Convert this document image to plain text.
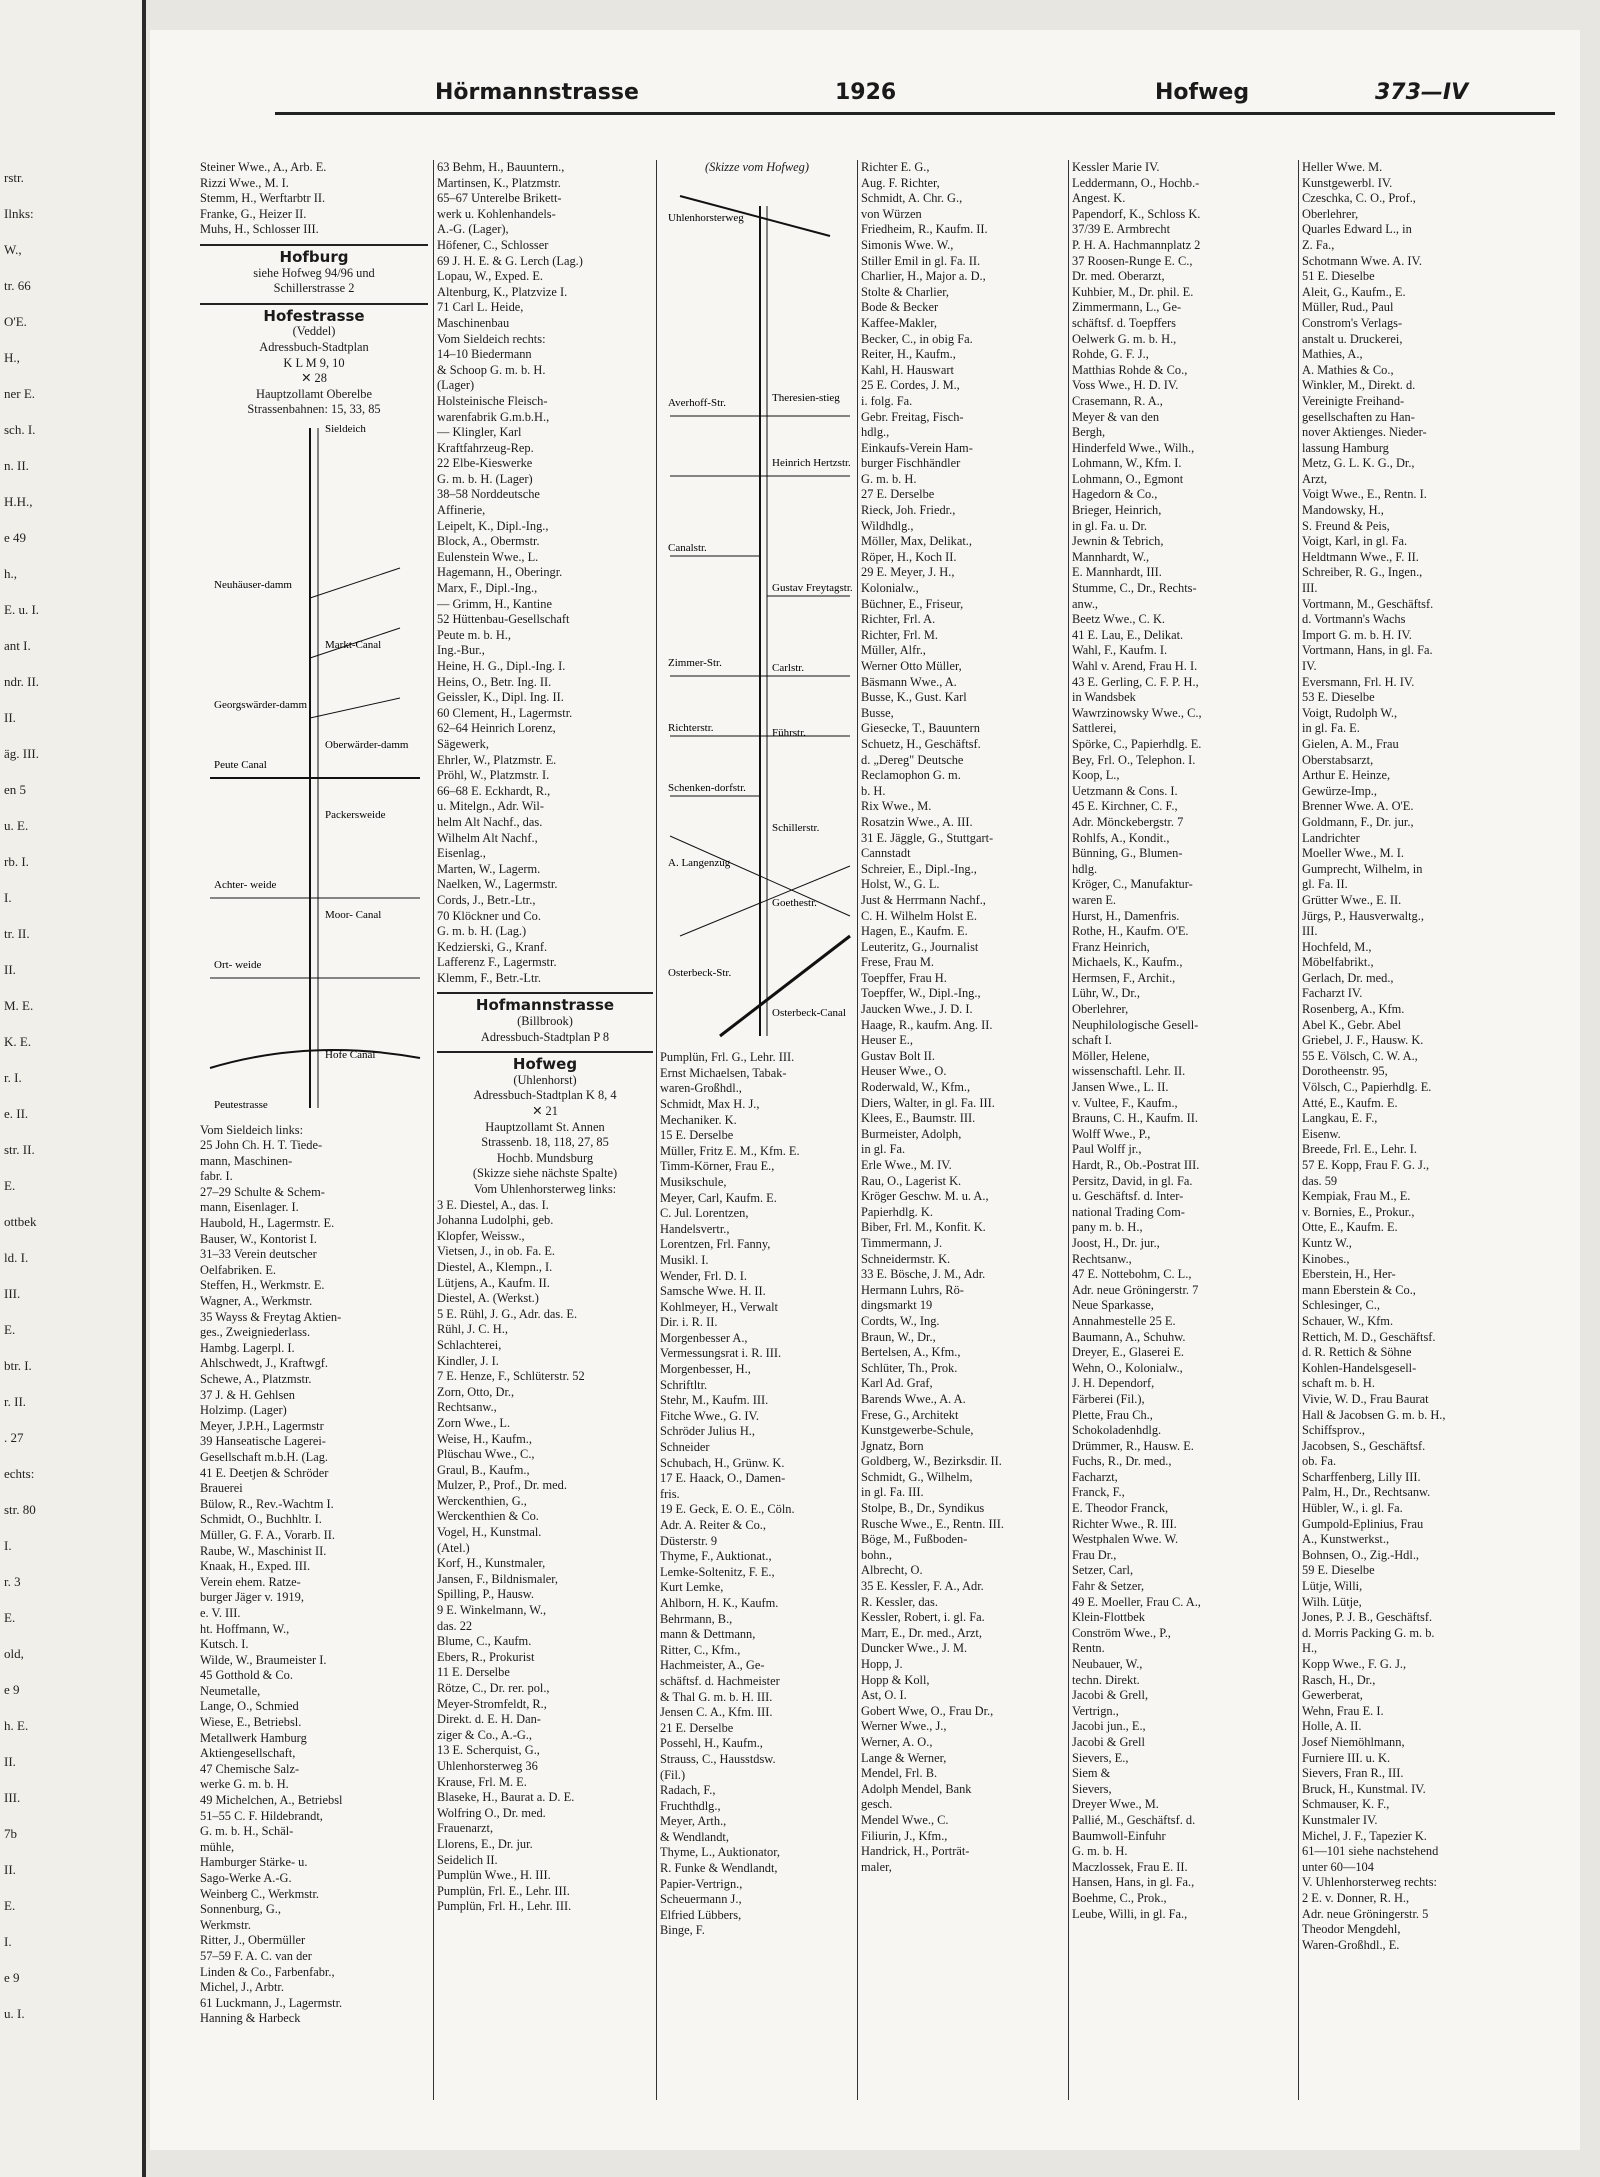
rstr.
Ilnks:
W.,
tr. 66
O'E.
H.,
ner E.
sch. I.
n. II.
H.H.,
e 49
h.,
E. u. I.
ant I.
ndr. II.
II.
äg. III.
en 5
u. E.
rb. I.
I.
tr. II.
II.
M. E.
K. E.
r. I.
e. II.
str. II.
E.
ottbek
ld. I.
III.
E.
btr. I.
r. II.
. 27
echts:
str. 80
I.
r. 3
E.
old,
e 9
h. E.
II.
III.
7b
II.
E.
I.
e 9
u. I.
Hörmannstrasse	1926	Hofweg	373—IV
Steiner Wwe., A., Arb. E.
Rizzi Wwe., M. I.
Stemm, H., Werftarbtr II.
Franke, G., Heizer II.
Muhs, H., Schlosser III.
Hofburg
siehe Hofweg 94/96 und
Schillerstrasse 2
Hofestrasse
(Veddel)
Adressbuch-Stadtplan
K L M 9, 10
✕ 28
Hauptzollamt Oberelbe
Strassenbahnen: 15, 33, 85
Neuhäuser-damm
Markt-Canal
Georgswärder-damm
Oberwärder-damm
Peute Canal
Packersweide
Achter- weide
Moor- Canal
Ort- weide
Hofe Canal
Peutestrasse
Sieldeich
Vom Sieldeich links:
25 John Ch. H. T. Tiede-
mann, Maschinen-
fabr. I.
27–29 Schulte & Schem-
mann, Eisenlager. I.
Haubold, H., Lagermstr. E.
Bauser, W., Kontorist I.
31–33 Verein deutscher
Oelfabriken. E.
Steffen, H., Werkmstr. E.
Wagner, A., Werkmstr.
35 Wayss & Freytag Aktien-
ges., Zweigniederlass.
Hambg. Lagerpl. I.
Ahlschwedt, J., Kraftwgf.
Schewe, A., Platzmstr.
37 J. & H. Gehlsen
Holzimp. (Lager)
Meyer, J.P.H., Lagermstr
39 Hanseatische Lagerei-
Gesellschaft m.b.H. (Lag.
41 E. Deetjen & Schröder
Brauerei
Bülow, R., Rev.-Wachtm I.
Schmidt, O., Buchhltr. I.
Müller, G. F. A., Vorarb. II.
Raube, W., Maschinist II.
Knaak, H., Exped. III.
Verein ehem. Ratze-
burger Jäger v. 1919,
e. V. III.
ht. Hoffmann, W.,
Kutsch. I.
Wilde, W., Braumeister I.
45 Gotthold & Co.
Neumetalle,
Lange, O., Schmied
Wiese, E., Betriebsl.
Metallwerk Hamburg
Aktiengesellschaft,
47 Chemische Salz-
werke G. m. b. H.
49 Michelchen, A., Betriebsl
51–55 C. F. Hildebrandt,
G. m. b. H., Schäl-
mühle,
Hamburger Stärke- u.
Sago-Werke A.-G.
Weinberg C., Werkmstr.
Sonnenburg, G.,
Werkmstr.
Ritter, J., Obermüller
57–59 F. A. C. van der
Linden & Co., Farbenfabr.,
Michel, J., Arbtr.
61 Luckmann, J., Lagermstr.
Hanning & Harbeck
63 Behm, H., Bauuntern.,
Martinsen, K., Platzmstr.
65–67 Unterelbe Brikett-
werk u. Kohlenhandels-
A.-G. (Lager),
Höfener, C., Schlosser
69 J. H. E. & G. Lerch (Lag.)
Lopau, W., Exped. E.
Altenburg, K., Platzvize I.
71 Carl L. Heide,
Maschinenbau
Vom Sieldeich rechts:
14–10 Biedermann
& Schoop G. m. b. H.
(Lager)
Holsteinische Fleisch-
warenfabrik G.m.b.H.,
— Klingler, Karl
Kraftfahrzeug-Rep.
22 Elbe-Kieswerke
G. m. b. H. (Lager)
38–58 Norddeutsche
Affinerie,
Leipelt, K., Dipl.-Ing.,
Block, A., Obermstr.
Eulenstein Wwe., L.
Hagemann, H., Oberingr.
Marx, F., Dipl.-Ing.,
— Grimm, H., Kantine
52 Hüttenbau-Gesellschaft
Peute m. b. H.,
Ing.-Bur.,
Heine, H. G., Dipl.-Ing. I.
Heins, O., Betr. Ing. II.
Geissler, K., Dipl. Ing. II.
60 Clement, H., Lagermstr.
62–64 Heinrich Lorenz,
Sägewerk,
Ehrler, W., Platzmstr. E.
Pröhl, W., Platzmstr. I.
66–68 E. Eckhardt, R.,
u. Mitelgn., Adr. Wil-
helm Alt Nachf., das.
Wilhelm Alt Nachf.,
Eisenlag.,
Marten, W., Lagerm.
Naelken, W., Lagermstr.
Cords, J., Betr.-Ltr.,
70 Klöckner und Co.
G. m. b. H. (Lag.)
Kedzierski, G., Kranf.
Lafferenz F., Lagermstr.
Klemm, F., Betr.-Ltr.
Hofmannstrasse
(Billbrook)
Adressbuch-Stadtplan P 8
Hofweg
(Uhlenhorst)
Adressbuch-Stadtplan K 8, 4
✕ 21
Hauptzollamt St. Annen
Strassenb. 18, 118, 27, 85
Hochb. Mundsburg
(Skizze siehe nächste Spalte)
Vom Uhlenhorsterweg links:
3 E. Diestel, A., das. I.
Johanna Ludolphi, geb.
Klopfer, Weissw.,
Vietsen, J., in ob. Fa. E.
Diestel, A., Klempn., I.
Lütjens, A., Kaufm. II.
Diestel, A. (Werkst.)
5 E. Rühl, J. G., Adr. das. E.
Rühl, J. C. H.,
Schlachterei,
Kindler, J. I.
7 E. Henze, F., Schlüterstr. 52
Zorn, Otto, Dr.,
Rechtsanw.,
Zorn Wwe., L.
Weise, H., Kaufm.,
Plüschau Wwe., C.,
Graul, B., Kaufm.,
Mulzer, P., Prof., Dr. med.
Werckenthien, G.,
Werckenthien & Co.
Vogel, H., Kunstmal.
(Atel.)
Korf, H., Kunstmaler,
Jansen, F., Bildnismaler,
Spilling, P., Hausw.
9 E. Winkelmann, W.,
das. 22
Blume, C., Kaufm.
Ebers, R., Prokurist
11 E. Derselbe
Rötze, C., Dr. rer. pol.,
Meyer-Stromfeldt, R.,
Direkt. d. E. H. Dan-
ziger & Co., A.-G.,
13 E. Scherquist, G.,
Uhlenhorsterweg 36
Krause, Frl. M. E.
Blaseke, H., Baurat a. D. E.
Wolfring O., Dr. med.
Frauenarzt,
Llorens, E., Dr. jur.
Seidelich II.
Pumplün Wwe., H. III.
Pumplün, Frl. E., Lehr. III.
Pumplün, Frl. H., Lehr. III.
(Skizze vom Hofweg)
Uhlenhorsterweg
Theresien-stieg
Averhoff-Str.
Heinrich Hertzstr.
Canalstr.
Gustav Freytagstr.
Zimmer-Str.	Carlstr.
Richterstr.	Führstr.
Schenken-dorfstr.
Schillerstr.
A. Langenzug
Goethestr.
Osterbeck-Str.
Osterbeck-Canal
Pumplün, Frl. G., Lehr. III.
Ernst Michaelsen, Tabak-
waren-Großhdl.,
Schmidt, Max H. J.,
Mechaniker. K.
15 E. Derselbe
Müller, Fritz E. M., Kfm. E.
Timm-Körner, Frau E.,
Musikschule,
Meyer, Carl, Kaufm. E.
C. Jul. Lorentzen,
Handelsvertr.,
Lorentzen, Frl. Fanny,
Musikl. I.
Wender, Frl. D. I.
Samsche Wwe. H. II.
Kohlmeyer, H., Verwalt
Dir. i. R. II.
Morgenbesser A.,
Vermessungsrat i. R. III.
Morgenbesser, H.,
Schriftltr.
Stehr, M., Kaufm. III.
Fitche Wwe., G. IV.
Schröder Julius H.,
Schneider
Schubach, H., Grünw. K.
17 E. Haack, O., Damen-
fris.
19 E. Geck, E. O. E., Cöln.
Adr. A. Reiter & Co.,
Düsterstr. 9
Thyme, F., Auktionat.,
Lemke-Soltenitz, F. E.,
Kurt Lemke,
Ahlborn, H. K., Kaufm.
Behrmann, B.,
mann & Dettmann,
Ritter, C., Kfm.,
Hachmeister, A., Ge-
schäftsf. d. Hachmeister
& Thal G. m. b. H. III.
Jensen C. A., Kfm. III.
21 E. Derselbe
Possehl, H., Kaufm.,
Strauss, C., Hausstdsw.
(Fil.)
Radach, F.,
Fruchthdlg.,
Meyer, Arth.,
& Wendlandt,
Thyme, L., Auktionator,
R. Funke & Wendlandt,
Papier-Vertrign.,
Scheuermann J.,
Elfried Lübbers,
Binge, F.
Richter E. G.,
Aug. F. Richter,
Schmidt, A. Chr. G.,
von Würzen
Friedheim, R., Kaufm. II.
Simonis Wwe. W.,
Stiller Emil in gl. Fa. II.
Charlier, H., Major a. D.,
Stolte & Charlier,
Bode & Becker
Kaffee-Makler,
Becker, C., in obig Fa.
Reiter, H., Kaufm.,
Kahl, H. Hauswart
25 E. Cordes, J. M.,
i. folg. Fa.
Gebr. Freitag, Fisch-
hdlg.,
Einkaufs-Verein Ham-
burger Fischhändler
G. m. b. H.
27 E. Derselbe
Rieck, Joh. Friedr.,
Wildhdlg.,
Möller, Max, Delikat.,
Röper, H., Koch II.
29 E. Meyer, J. H.,
Kolonialw.,
Büchner, E., Friseur,
Richter, Frl. A.
Richter, Frl. M.
Müller, Alfr.,
Werner Otto Müller,
Bäsmann Wwe., A.
Busse, K., Gust. Karl
Busse,
Giesecke, T., Bauuntern
Schuetz, H., Geschäftsf.
d. „Dereg" Deutsche
Reclamophon G. m.
b. H.
Rix Wwe., M.
Rosatzin Wwe., A. III.
31 E. Jäggle, G., Stuttgart-
Cannstadt
Schreier, E., Dipl.-Ing.,
Holst, W., G. L.
Just & Herrmann Nachf.,
C. H. Wilhelm Holst E.
Hagen, E., Kaufm. E.
Leuteritz, G., Journalist
Frese, Frau M.
Toepffer, Frau H.
Toepffer, W., Dipl.-Ing.,
Jaucken Wwe., J. D. I.
Haage, R., kaufm. Ang. II.
Heuser E.,
Gustav Bolt II.
Heuser Wwe., O.
Roderwald, W., Kfm.,
Diers, Walter, in gl. Fa. III.
Klees, E., Baumstr. III.
Burmeister, Adolph,
in gl. Fa.
Erle Wwe., M. IV.
Rau, O., Lagerist K.
Kröger Geschw. M. u. A.,
Papierhdlg. K.
Biber, Frl. M., Konfit. K.
Timmermann, J.
Schneidermstr. K.
33 E. Bösche, J. M., Adr.
Hermann Luhrs, Rö-
dingsmarkt 19
Cordts, W., Ing.
Braun, W., Dr.,
Bertelsen, A., Kfm.,
Schlüter, Th., Prok.
Karl Ad. Graf,
Barends Wwe., A. A.
Frese, G., Architekt
Kunstgewerbe-Schule,
Jgnatz, Born
Goldberg, W., Bezirksdir. II.
Schmidt, G., Wilhelm,
in gl. Fa. III.
Stolpe, B., Dr., Syndikus
Rusche Wwe., E., Rentn. III.
Böge, M., Fußboden-
bohn.,
Albrecht, O.
35 E. Kessler, F. A., Adr.
R. Kessler, das.
Kessler, Robert, i. gl. Fa.
Marr, E., Dr. med., Arzt,
Duncker Wwe., J. M.
Hopp, J.
Hopp & Koll,
Ast, O. I.
Gobert Wwe, O., Frau Dr.,
Werner Wwe., J.,
Werner, A. O.,
Lange & Werner,
Mendel, Frl. B.
Adolph Mendel, Bank
gesch.
Mendel Wwe., C.
Filiurin, J., Kfm.,
Handrick, H., Porträt-
maler,
Kessler Marie IV.
Leddermann, O., Hochb.-
Angest. K.
Papendorf, K., Schloss K.
37/39 E. Armbrecht
P. H. A. Hachmannplatz 2
37 Roosen-Runge E. C.,
Dr. med. Oberarzt,
Kuhbier, M., Dr. phil. E.
Zimmermann, L., Ge-
schäftsf. d. Toepffers
Oelwerk G. m. b. H.,
Rohde, G. F. J.,
Matthias Rohde & Co.,
Voss Wwe., H. D. IV.
Crasemann, R. A.,
Meyer & van den
Bergh,
Hinderfeld Wwe., Wilh.,
Lohmann, W., Kfm. I.
Lohmann, O., Egmont
Hagedorn & Co.,
Brieger, Heinrich,
in gl. Fa. u. Dr.
Jewnin & Tebrich,
Mannhardt, W.,
E. Mannhardt, III.
Stumme, C., Dr., Rechts-
anw.,
Beetz Wwe., C. K.
41 E. Lau, E., Delikat.
Wahl, F., Kaufm. I.
Wahl v. Arend, Frau H. I.
43 E. Gerling, C. F. P. H.,
in Wandsbek
Wawrzinowsky Wwe., C.,
Sattlerei,
Spörke, C., Papierhdlg. E.
Bey, Frl. O., Telephon. I.
Koop, L.,
Uetzmann & Cons. I.
45 E. Kirchner, C. F.,
Adr. Mönckebergstr. 7
Rohlfs, A., Kondit.,
Bünning, G., Blumen-
hdlg.
Kröger, C., Manufaktur-
waren E.
Hurst, H., Damenfris.
Rothe, H., Kaufm. O'E.
Franz Heinrich,
Michaels, K., Kaufm.,
Hermsen, F., Archit.,
Lühr, W., Dr.,
Oberlehrer,
Neuphilologische Gesell-
schaft I.
Möller, Helene,
wissenschaftl. Lehr. II.
Jansen Wwe., L. II.
v. Vultee, F., Kaufm.,
Brauns, C. H., Kaufm. II.
Wolff Wwe., P.,
Paul Wolff jr.,
Hardt, R., Ob.-Postrat III.
Persitz, David, in gl. Fa.
u. Geschäftsf. d. Inter-
national Trading Com-
pany m. b. H.,
Joost, H., Dr. jur.,
Rechtsanw.,
47 E. Nottebohm, C. L.,
Adr. neue Gröningerstr. 7
Neue Sparkasse,
Annahmestelle 25 E.
Baumann, A., Schuhw.
Dreyer, E., Glaserei E.
Wehn, O., Kolonialw.,
J. H. Dependorf,
Färberei (Fil.),
Plette, Frau Ch.,
Schokoladenhdlg.
Drümmer, R., Hausw. E.
Fuchs, R., Dr. med.,
Facharzt,
Franck, F.,
E. Theodor Franck,
Richter Wwe., R. III.
Westphalen Wwe. W.
Frau Dr.,
Setzer, Carl,
Fahr & Setzer,
49 E. Moeller, Frau C. A.,
Klein-Flottbek
Conström Wwe., P.,
Rentn.
Neubauer, W.,
techn. Direkt.
Jacobi & Grell,
Vertrign.,
Jacobi jun., E.,
Jacobi & Grell
Sievers, E.,
Siem &
Sievers,
Dreyer Wwe., M.
Pallié, M., Geschäftsf. d.
Baumwoll-Einfuhr
G. m. b. H.
Maczlossek, Frau E. II.
Hansen, Hans, in gl. Fa.,
Boehme, C., Prok.,
Leube, Willi, in gl. Fa.,
Heller Wwe. M.
Kunstgewerbl. IV.
Czeschka, C. O., Prof.,
Oberlehrer,
Quarles Edward L., in
Z. Fa.,
Schotmann Wwe. A. IV.
51 E. Dieselbe
Aleit, G., Kaufm., E.
Müller, Rud., Paul
Constrom's Verlags-
anstalt u. Druckerei,
Mathies, A.,
A. Mathies & Co.,
Winkler, M., Direkt. d.
Vereinigte Freihand-
gesellschaften zu Han-
nover Aktienges. Nieder-
lassung Hamburg
Metz, G. L. K. G., Dr.,
Arzt,
Voigt Wwe., E., Rentn. I.
Mandowsky, H.,
S. Freund & Peis,
Voigt, Karl, in gl. Fa.
Heldtmann Wwe., F. II.
Schreiber, R. G., Ingen.,
III.
Vortmann, M., Geschäftsf.
d. Vortmann's Wachs
Import G. m. b. H. IV.
Vortmann, Hans, in gl. Fa.
IV.
Eversmann, Frl. H. IV.
53 E. Dieselbe
Voigt, Rudolph W.,
in gl. Fa. E.
Gielen, A. M., Frau
Oberstabsarzt,
Arthur E. Heinze,
Gewürze-Imp.,
Brenner Wwe. A. O'E.
Goldmann, F., Dr. jur.,
Landrichter
Moeller Wwe., M. I.
Gumprecht, Wilhelm, in
gl. Fa. II.
Grütter Wwe., E. II.
Jürgs, P., Hausverwaltg.,
III.
Hochfeld, M.,
Möbelfabrikt.,
Gerlach, Dr. med.,
Facharzt IV.
Rosenberg, A., Kfm.
Abel K., Gebr. Abel
Griebel, J. F., Hausw. K.
55 E. Völsch, C. W. A.,
Dorotheenstr. 95,
Völsch, C., Papierhdlg. E.
Atté, E., Kaufm. E.
Langkau, E. F.,
Eisenw.
Breede, Frl. E., Lehr. I.
57 E. Kopp, Frau F. G. J.,
das. 59
Kempiak, Frau M., E.
v. Bornies, E., Prokur.,
Otte, E., Kaufm. E.
Kuntz W.,
Kinobes.,
Eberstein, H., Her-
mann Eberstein & Co.,
Schlesinger, C.,
Schauer, W., Kfm.
Rettich, M. D., Geschäftsf.
d. R. Rettich & Söhne
Kohlen-Handelsgesell-
schaft m. b. H.
Vivie, W. D., Frau Baurat
Hall & Jacobsen G. m. b. H.,
Schiffsprov.,
Jacobsen, S., Geschäftsf.
ob. Fa.
Scharffenberg, Lilly III.
Palm, H., Dr., Rechtsanw.
Hübler, W., i. gl. Fa.
Gumpold-Eplinius, Frau
A., Kunstwerkst.,
Bohnsen, O., Zig.-Hdl.,
59 E. Dieselbe
Lütje, Willi,
Wilh. Lütje,
Jones, P. J. B., Geschäftsf.
d. Morris Packing G. m. b.
H.,
Kopp Wwe., F. G. J.,
Rasch, H., Dr.,
Gewerberat,
Wehn, Frau E. I.
Holle, A. II.
Josef Niemöhlmann,
Furniere III. u. K.
Sievers, Fran R., III.
Bruck, H., Kunstmal. IV.
Schmauser, K. F.,
Kunstmaler IV.
Michel, J. F., Tapezier K.
61—101 siehe nachstehend
unter 60—104
V. Uhlenhorsterweg rechts:
2 E. v. Donner, R. H.,
Adr. neue Gröningerstr. 5
Theodor Mengdehl,
Waren-Großhdl., E.
